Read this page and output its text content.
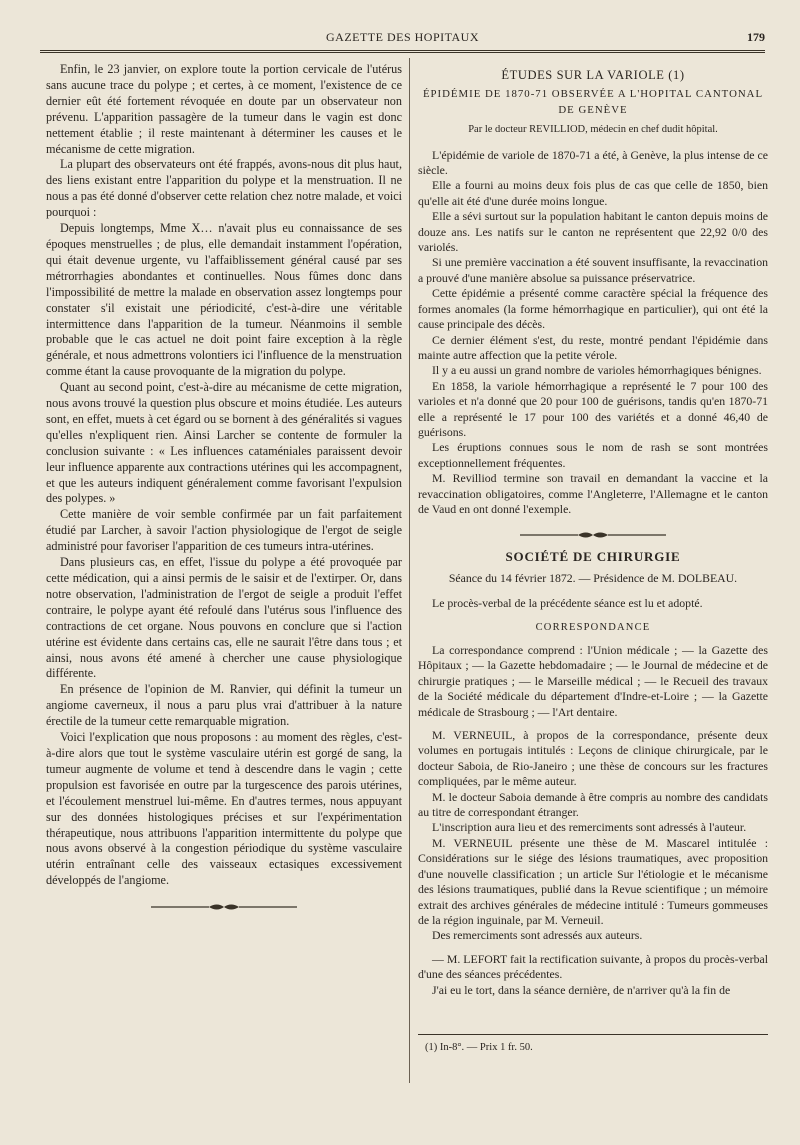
GAZETTE DES HOPITAUX	179

Enfin, le 23 janvier, on explore toute la portion cervicale de l'utérus sans aucune trace du polype ; et certes, à ce moment, l'existence de ce dernier eût été fortement révoquée en doute par un observateur non prévenu. L'apparition passagère de la tumeur dans le vagin est donc nettement établie ; il reste maintenant à déterminer les causes et le mécanisme de cette migration.

La plupart des observateurs ont été frappés, avons-nous dit plus haut, des liens existant entre l'apparition du polype et la menstruation. Il ne nous a pas été donné d'observer cette relation chez notre malade, et voici pourquoi :

Depuis longtemps, Mme X… n'avait plus eu connaissance de ses époques menstruelles ; de plus, elle demandait instamment l'opération, qui était devenue urgente, vu l'affaiblissement général causé par ses métrorrhagies abondantes et continuelles. Nous fûmes donc dans l'impossibilité de mettre la malade en observation assez longtemps pour constater s'il existait une périodicité, c'est-à-dire une véritable intermittence dans l'apparition de la tumeur. Néanmoins il semble probable que le cas actuel ne doit point faire exception à la règle générale, et nous admettrons volontiers ici l'influence de la menstruation comme étant la cause provoquante de la migration du polype.

Quant au second point, c'est-à-dire au mécanisme de cette migration, nous avons trouvé la question plus obscure et moins étudiée. Les auteurs sont, en effet, muets à cet égard ou se bornent à des généralités si vagues qu'elles n'expliquent rien. Ainsi Larcher se contente de formuler la conclusion suivante : « Les influences cataméniales paraissent devoir leur influence apparente aux contractions utérines qui les accompagnent, et que les auteurs indiquent généralement comme favorisant l'expulsion des polypes. »

Cette manière de voir semble confirmée par un fait parfaitement étudié par Larcher, à savoir l'action physiologique de l'ergot de seigle administré pour favoriser l'apparition de ces tumeurs intra-utérines.

Dans plusieurs cas, en effet, l'issue du polype a été provoquée par cette médication, qui a ainsi permis de le saisir et de l'extirper. Or, dans notre observation, l'administration de l'ergot de seigle a produit l'effet contraire, le polype ayant été refoulé dans l'utérus sous l'influence des contractions de cet organe. Nous pouvons en conclure que si l'action utérine est évidente dans certains cas, elle ne saurait l'être dans tous ; et ainsi, nous avons été amené à chercher une cause physiologique différente.

En présence de l'opinion de M. Ranvier, qui définit la tumeur un angiome caverneux, il nous a paru plus vrai d'attribuer à la nature érectile de la tumeur cette remarquable migration.

Voici l'explication que nous proposons : au moment des règles, c'est-à-dire alors que tout le système vasculaire utérin est gorgé de sang, la tumeur augmente de volume et tend à descendre dans le vagin ; cette propulsion est favorisée en outre par la turgescence des parois utérines, et l'écoulement menstruel lui-même. En d'autres termes, nous appuyant sur des données histologiques précises et sur l'expérimentation thérapeutique, nous attribuons l'apparition intermittente du polype que nous avons observé à la congestion périodique du système vasculaire utérin entraînant celle des vaisseaux ectasiques excessivement développés de l'angiome.

ÉTUDES SUR LA VARIOLE (1)

ÉPIDÉMIE DE 1870-71 OBSERVÉE A L'HOPITAL CANTONAL DE GENÈVE

Par le docteur REVILLIOD, médecin en chef dudit hôpital.

L'épidémie de variole de 1870-71 a été, à Genève, la plus intense de ce siècle.

Elle a fourni au moins deux fois plus de cas que celle de 1850, bien qu'elle ait été d'une durée moins longue.

Elle a sévi surtout sur la population habitant le canton depuis moins de douze ans. Les natifs sur le canton ne représentent que 22,92 0/0 des variolés.

Si une première vaccination a été souvent insuffisante, la revaccination a prouvé d'une manière absolue sa puissance préservatrice.

Cette épidémie a présenté comme caractère spécial la fréquence des formes anomales (la forme hémorrhagique en particulier), qui ont été la cause principale des décès.

Ce dernier élément s'est, du reste, montré pendant l'épidémie dans mainte autre affection que la petite vérole.

Il y a eu aussi un grand nombre de varioles hémorrhagiques bénignes.

En 1858, la variole hémorrhagique a représenté le 7 pour 100 des varioles et n'a donné que 20 pour 100 de guérisons, tandis qu'en 1870-71 elle a représenté le 17 pour 100 des variétés et a donné 46,40 de guérisons.

Les éruptions connues sous le nom de rash se sont montrées exceptionnellement fréquentes.

M. Revilliod termine son travail en demandant la vaccine et la revaccination obligatoires, comme l'Angleterre, l'Allemagne et le canton de Vaud en ont donné l'exemple.

SOCIÉTÉ DE CHIRURGIE

Séance du 14 février 1872. — Présidence de M. DOLBEAU.

Le procès-verbal de la précédente séance est lu et adopté.

CORRESPONDANCE

La correspondance comprend : l'Union médicale ; — la Gazette des Hôpitaux ; — la Gazette hebdomadaire ; — le Journal de médecine et de chirurgie pratiques ; — le Marseille médical ; — le Recueil des travaux de la Société médicale du département d'Indre-et-Loire ; — la Gazette médicale de Strasbourg ; — l'Art dentaire.

M. VERNEUIL, à propos de la correspondance, présente deux volumes en portugais intitulés : Leçons de clinique chirurgicale, par le docteur Saboia, de Rio-Janeiro ; une thèse de concours sur les fractures compliquées, par le même auteur.

M. le docteur Saboia demande à être compris au nombre des candidats au titre de correspondant étranger.

L'inscription aura lieu et des remerciments sont adressés à l'auteur.

M. VERNEUIL présente une thèse de M. Mascarel intitulée : Considérations sur le siége des lésions traumatiques, avec proposition d'une nouvelle classification ; un article Sur l'étiologie et le mécanisme des lésions traumatiques, publié dans la Revue scientifique ; un mémoire extrait des archives générales de médecine intitulé : Tumeurs gommeuses de la région inguinale, par M. Verneuil.

Des remerciments sont adressés aux auteurs.

— M. LEFORT fait la rectification suivante, à propos du procès-verbal d'une des séances précédentes.

J'ai eu le tort, dans la séance dernière, de n'arriver qu'à la fin de

(1) In-8°. — Prix 1 fr. 50.
